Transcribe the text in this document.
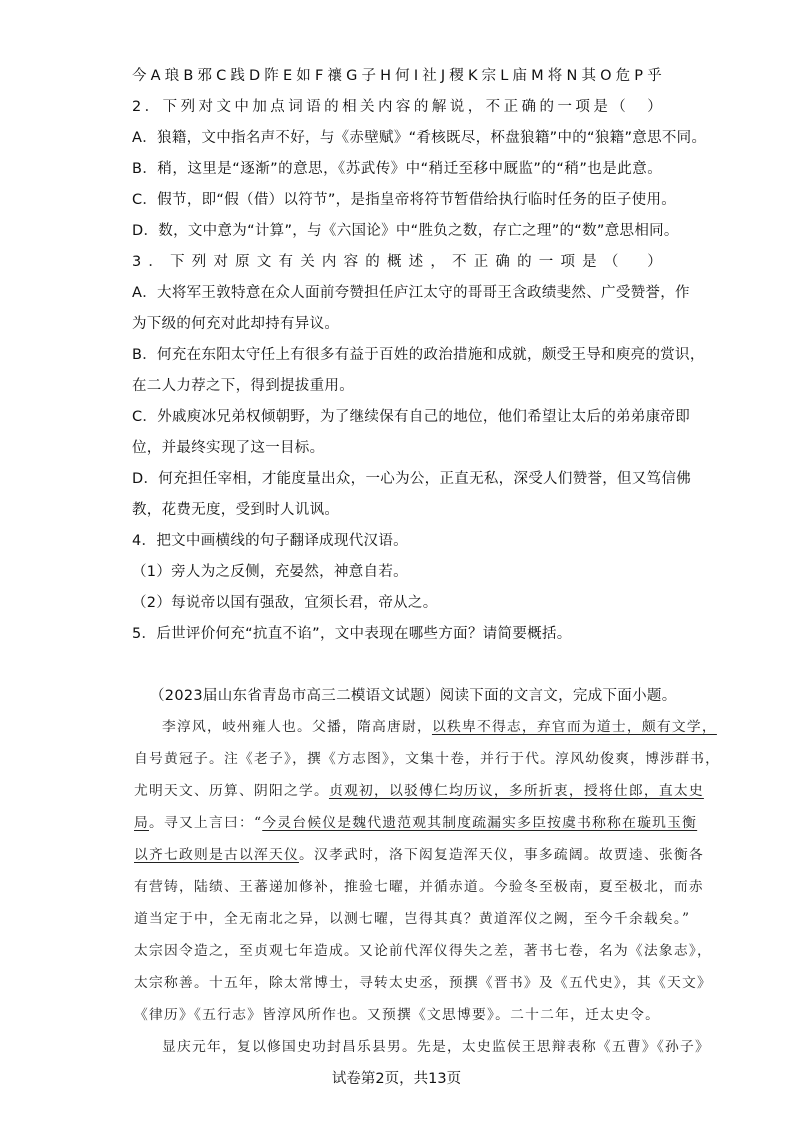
今A琅B邪C践D阼E如F禳G子H何I社J稷K宗L庙M将N其O危P乎
2．下列对文中加点词语的相关内容的解说，不正确的一项是（　）
A．狼籍，文中指名声不好，与《赤壁赋》“肴核既尽，杯盘狼籍”中的“狼籍”意思不同。
B．稍，这里是“逐渐”的意思，《苏武传》中“稍迁至移中厩监”的“稍”也是此意。
C．假节，即“假（借）以符节”，是指皇帝将符节暂借给执行临时任务的臣子使用。
D．数，文中意为“计算”，与《六国论》中“胜负之数，存亡之理”的“数”意思相同。
3．下列对原文有关内容的概述，不正确的一项是（　）
A．大将军王敦特意在众人面前夸赞担任庐江太守的哥哥王含政绩斐然、广受赞誉，作
为下级的何充对此却持有异议。
B．何充在东阳太守任上有很多有益于百姓的政治措施和成就，颇受王导和庾亮的赏识，
在二人力荐之下，得到提拔重用。
C．外戚庾冰兄弟权倾朝野，为了继续保有自己的地位，他们希望让太后的弟弟康帝即
位，并最终实现了这一目标。
D．何充担任宰相，才能度量出众，一心为公，正直无私，深受人们赞誉，但又笃信佛
教，花费无度，受到时人讥讽。
4．把文中画横线的句子翻译成现代汉语。
（1）旁人为之反侧，充晏然，神意自若。
（2）每说帝以国有强敌，宜须长君，帝从之。
5．后世评价何充“抗直不谄”，文中表现在哪些方面？请简要概括。
（2023届山东省青岛市高三二模语文试题）阅读下面的文言文，完成下面小题。
李淳风，岐州雍人也。父播，隋高唐尉，以秩卑不得志，弃官而为道士，颇有文学，
自号黄冠子。注《老子》，撰《方志图》，文集十卷，并行于代。淳风幼俊爽，博涉群书，
尤明天文、历算、阴阳之学。贞观初，以驳傅仁均历议，多所折衷，授将仕郎，直太史
局。寻又上言曰：“今灵台候仪是魏代遗范观其制度疏漏实多臣按虞书称称在璇玑玉衡
以齐七政则是古以浑天仪。汉孝武时，洛下闳复造浑天仪，事多疏阔。故贾逵、张衡各
有营铸，陆绩、王蕃递加修补，推验七曜，并循赤道。今验冬至极南，夏至极北，而赤
道当定于中，全无南北之异，以测七曜，岂得其真？黄道浑仪之阙，至今千余载矣。”
太宗因令造之，至贞观七年造成。又论前代浑仪得失之差，著书七卷，名为《法象志》，
太宗称善。十五年，除太常博士，寻转太史丞，预撰《晋书》及《五代史》，其《天文》
《律历》《五行志》皆淳风所作也。又预撰《文思博要》。二十二年，迁太史令。
显庆元年，复以修国史功封昌乐县男。先是，太史监侯王思辩表称《五曹》《孙子》
试卷第2页，共13页
